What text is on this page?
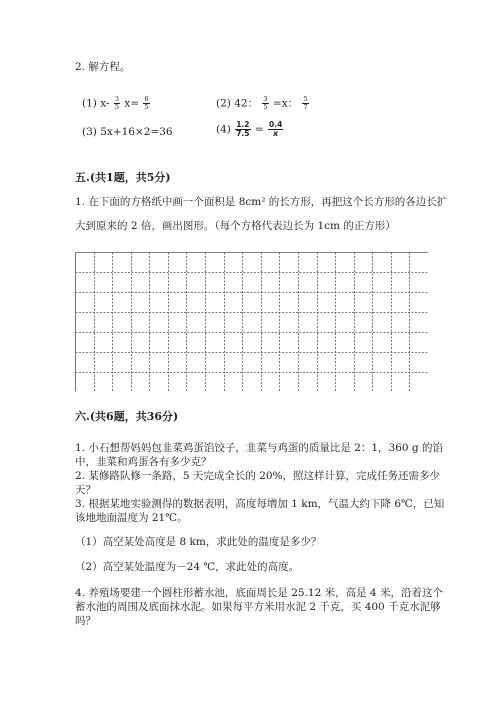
2. 解方程。
(1) $x- \frac{3}{5} x= \frac{6}{5}$	(2) 42： $\frac{3}{5} =x$： $\frac{5}{7}$
(3) 5x+16×2=36	$(4) \frac{1.2}{7.5} = \frac{0.4}{x}$
五.(共1题，共5分)
1. 在下面的方格纸中画一个面积是 8cm² 的长方形，再把这个长方形的各边长扩
大到原来的 2 倍，画出图形。（每个方格代表边长为 1cm 的正方形）
六.(共6题，共36分)
1. 小石想帮妈妈包韭菜鸡蛋馅饺子，韭菜与鸡蛋的质量比是 2：1，360 g 的馅
中，韭菜和鸡蛋各有多少克？
2. 某修路队修一条路，5 天完成全长的 20%，照这样计算，完成任务还需多少
天？
3. 根据某地实验测得的数据表明，高度每增加 1 km，气温大约下降 6℃，已知
该地地面温度为 21℃。
（1）高空某处高度是 8 km，求此处的温度是多少？
（2）高空某处温度为－24 ℃，求此处的高度。
4. 养殖场要建一个圆柱形蓄水池，底面周长是 25.12 米，高是 4 米，沿着这个
蓄水池的周围及底面抹水泥。如果每平方米用水泥 2 千克，买 400 千克水泥够
吗？
